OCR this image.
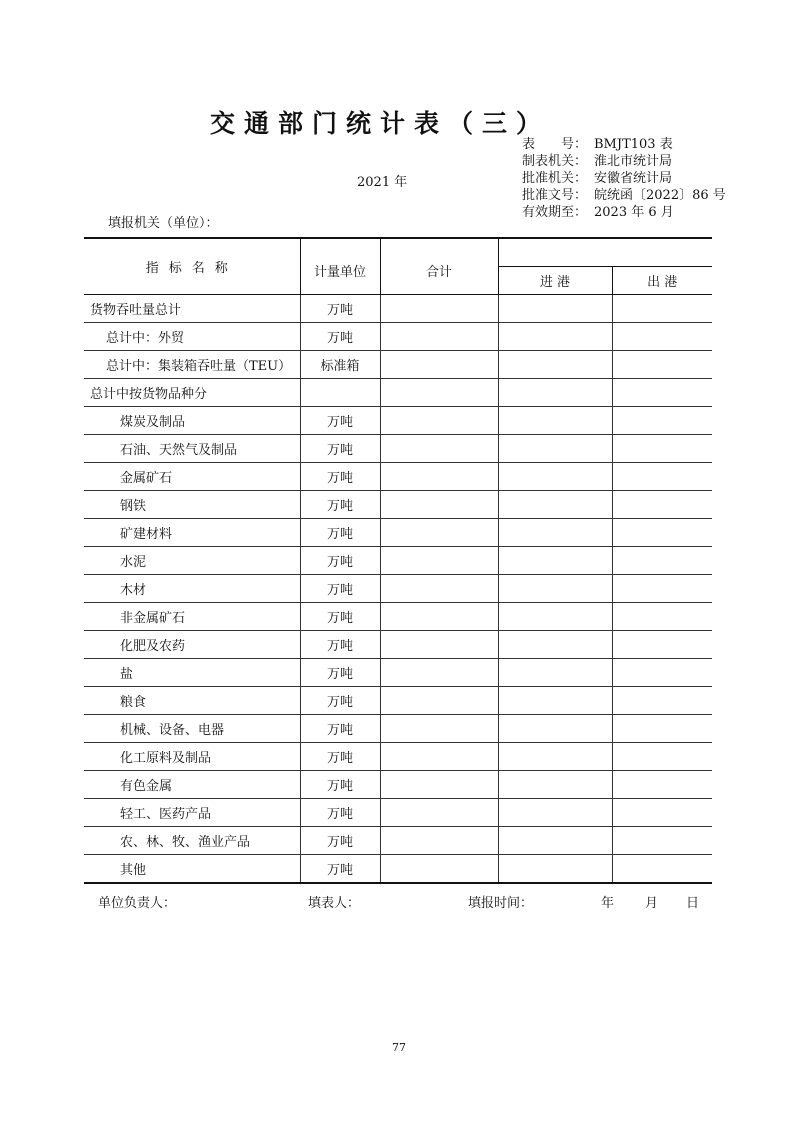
交通部门统计表（三）
表　　号： BMJT103 表
制表机关： 淮北市统计局
批准机关： 安徽省统计局
批准文号： 皖统函〔2022〕86 号
有效期至： 2023 年 6 月
2021 年
填报机关（单位）：
指标名称	计量单位	合计		
			进 港	出 港
货物吞吐量总计	万吨			
总计中：外贸	万吨			
总计中：集装箱吞吐量（TEU）	标准箱			
总计中按货物品种分				
煤炭及制品	万吨			
石油、天然气及制品	万吨			
金属矿石	万吨			
钢铁	万吨			
矿建材料	万吨			
水泥	万吨			
木材	万吨			
非金属矿石	万吨			
化肥及农药	万吨			
盐	万吨			
粮食	万吨			
机械、设备、电器	万吨			
化工原料及制品	万吨			
有色金属	万吨			
轻工、医药产品	万吨			
农、林、牧、渔业产品	万吨			
其他	万吨			
单位负责人：	填表人：	填报时间：	年 月 日
77
